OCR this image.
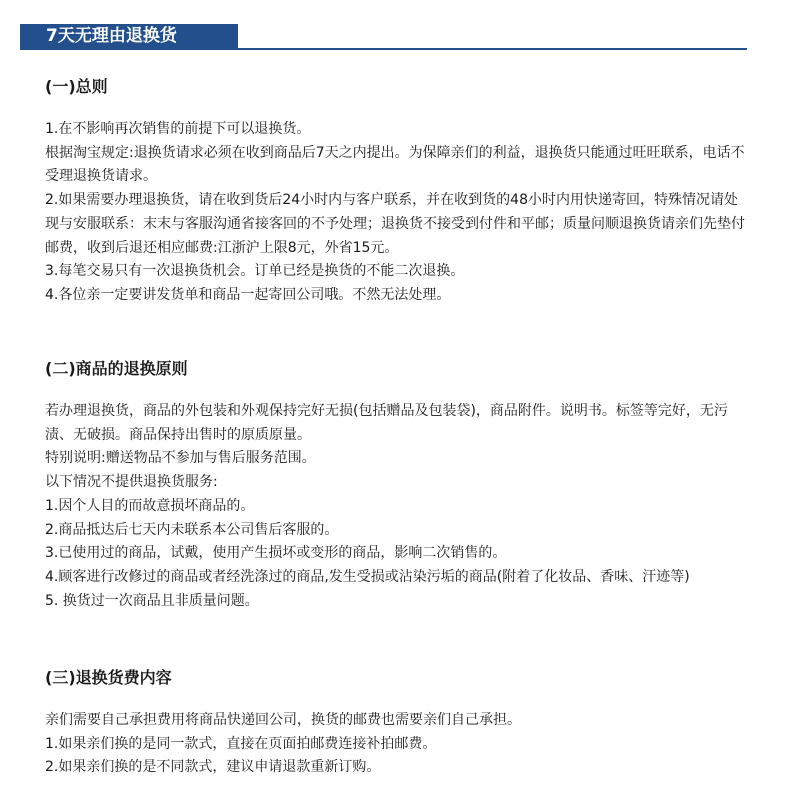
7天无理由退换货
(一)总则

1.在不影响再次销售的前提下可以退换货。

根据淘宝规定:退换货请求必须在收到商品后7天之内提出。为保障亲们的利益，退换货只能通过旺旺联系，电话不受理退换货请求。

2.如果需要办理退换货，请在收到货后24小时内与客户联系，并在收到货的48小时内用快递寄回，特殊情况请处现与安服联系：末末与客服沟通省接客回的不予处理；退换货不接受到付件和平邮；质量问顺退换货请亲们先垫付邮费，收到后退还相应邮费:江浙沪上限8元，外省15元。

3.每笔交易只有一次退换货机会。订单已经是换货的不能二次退换。

4.各位亲一定要讲发货单和商品一起寄回公司哦。不然无法处理。

(二)商品的退换原则

若办理退换货，商品的外包装和外观保持完好无损(包括赠品及包装袋)，商品附件。说明书。标签等完好，无污渍、无破损。商品保持出售时的原质原量。

特别说明:赠送物品不参加与售后服务范围。

以下情况不提供退换货服务:

1.因个人目的而故意损坏商品的。

2.商品抵达后七天内未联系本公司售后客服的。

3.已使用过的商品，试戴，使用产生损坏或变形的商品，影响二次销售的。

4.顾客进行改修过的商品或者经洗涤过的商品,发生受损或沾染污垢的商品(附着了化妆品、香味、汗迹等)

5. 换货过一次商品且非质量问题。

(三)退换货费内容

亲们需要自己承担费用将商品快递回公司，换货的邮费也需要亲们自己承担。

1.如果亲们换的是同一款式，直接在页面拍邮费连接补拍邮费。

2.如果亲们换的是不同款式，建议申请退款重新订购。
